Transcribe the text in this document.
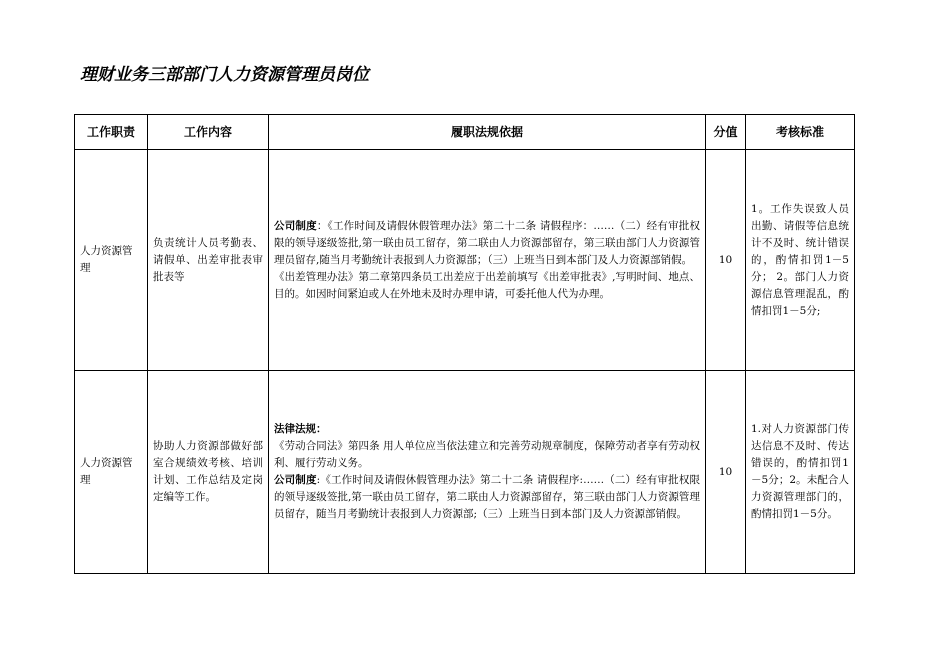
理财业务三部部门人力资源管理员岗位
工作职责	工作内容	履职法规依据	分值	考核标准
人力资源管理	负责统计人员考勤表、请假单、出差审批表审批表等	公司制度：《工作时间及请假休假管理办法》第二十二条 请假程序：……（二）经有审批权限的领导逐级签批,第一联由员工留存，第二联由人力资源部留存，第三联由部门人力资源管理员留存,随当月考勤统计表报到人力资源部；（三）上班当日到本部门及人力资源部销假。
《出差管理办法》第二章第四条员工出差应于出差前填写《出差审批表》,写明时间、地点、目的。如因时间紧迫或人在外地未及时办理申请，可委托他人代为办理。	10	1。工作失误致人员出勤、请假等信息统计不及时、统计错误的，酌情扣罚1－5分； 2。部门人力资源信息管理混乱，酌情扣罚1－5分;
人力资源管理	协助人力资源部做好部室合规绩效考核、培训计划、工作总结及定岗定编等工作。	法律法规：
《劳动合同法》第四条 用人单位应当依法建立和完善劳动规章制度，保障劳动者享有劳动权利、履行劳动义务。
公司制度:《工作时间及请假休假管理办法》第二十二条 请假程序:……（二）经有审批权限的领导逐级签批,第一联由员工留存，第二联由人力资源部留存，第三联由部门人力资源管理员留存，随当月考勤统计表报到人力资源部;（三）上班当日到本部门及人力资源部销假。	10	1.对人力资源部门传达信息不及时、传达错误的，酌情扣罚1－5分；2。未配合人力资源管理部门的，酌情扣罚1－5分。
